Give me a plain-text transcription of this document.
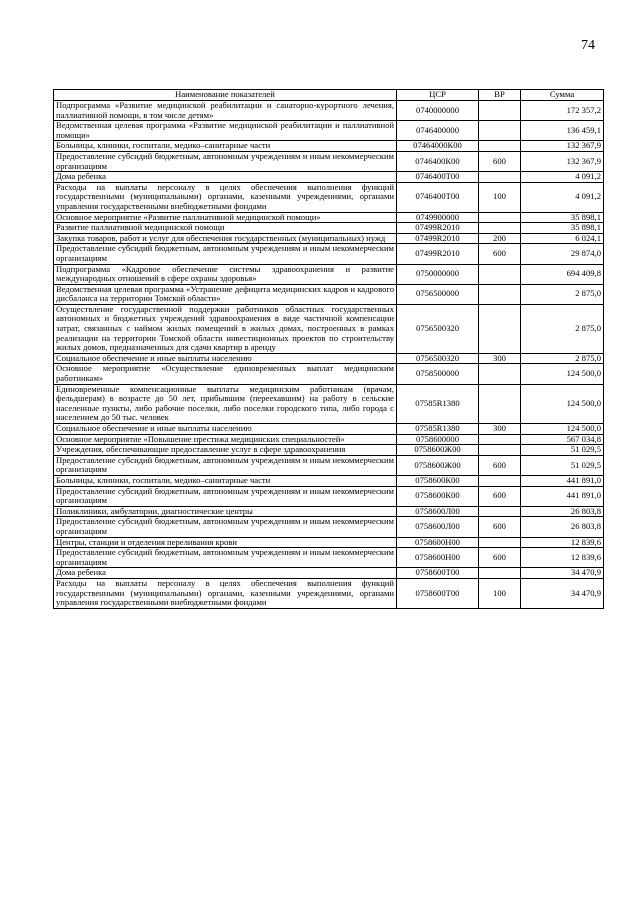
74
Наименование показателей	ЦСР	ВР	Сумма
Подпрограмма «Развитие медицинской реабилитации и санаторно-курортного лечения, паллиативной помощи, в том числе детям»	0740000000		172 357,2
Ведомственная целевая программа «Развитие медицинской реабилитации и паллиативной помощи»	0746400000		136 459,1
Больницы, клиники, госпитали, медико–санитарные части	07464000К00		132 367,9
Предоставление субсидий бюджетным, автономным учреждениям и иным некоммерческим организациям	0746400К00	600	132 367,9
Дома ребенка	0746400Т00		4 091,2
Расходы на выплаты персоналу в целях обеспечения выполнения функций государственными (муниципальными) органами, казенными учреждениями, органами управления государственными внебюджетными фондами	0746400Т00	100	4 091,2
Основное мероприятие «Развитие паллиативной медицинской помощи»	0749900000		35 898,1
Развитие паллиативной медицинской помощи	07499R2010		35 898,1
Закупка товаров, работ и услуг для обеспечения государственных (муниципальных) нужд	07499R2010	200	6 024,1
Предоставление субсидий бюджетным, автономным учреждениям и иным некоммерческим организациям	07499R2010	600	29 874,0
Подпрограмма «Кадровое обеспечение системы здравоохранения и развитие международных отношений в сфере охраны здоровья»	0750000000		694 409,8
Ведомственная целевая программа «Устранение дефицита медицинских кадров и кадрового дисбаланса на территории Томской области»	0756500000		2 875,0
Осуществление государственной поддержки работников областных государственных автономных и бюджетных учреждений здравоохранения в виде частичной компенсации затрат, связанных с наймом жилых помещений в жилых домах, построенных в рамках реализации на территории Томской области инвестиционных проектов по строительству жилых домов, предназначенных для сдачи квартир в аренду	0756500320		2 875,0
Социальное обеспечение и иные выплаты населению	0756500320	300	2 875,0
Основное мероприятие «Осуществление единовременных выплат медицинским работникам»	0758500000		124 500,0
Единовременные компенсационные выплаты медицинским работникам (врачам, фельдшерам) в возрасте до 50 лет, прибывшим (переехавшим) на работу в сельские населенные пункты, либо рабочие поселки, либо поселки городского типа, либо города с населением до 50 тыс. человек	07585R1380		124 500,0
Социальное обеспечение и иные выплаты населению	07585R1380	300	124 500,0
Основное мероприятие «Повышение престижа медицинских специальностей»	0758600000		567 034,8
Учреждения, обеспечивающие предоставление услуг в сфере здравоохранения	0758600Ж00		51 029,5
Предоставление субсидий бюджетным, автономным учреждениям и иным некоммерческим организациям	0758600Ж00	600	51 029,5
Больницы, клиники, госпитали, медико–санитарные части	0758600К00		441 891,0
Предоставление субсидий бюджетным, автономным учреждениям и иным некоммерческим организациям	0758600К00	600	441 891,0
Поликлиники, амбулатории, диагностические центры	0758600Л00		26 803,8
Предоставление субсидий бюджетным, автономным учреждениям и иным некоммерческим организациям	0758600Л00	600	26 803,8
Центры, станции и отделения переливания крови	0758600Н00		12 839,6
Предоставление субсидий бюджетным, автономным учреждениям и иным некоммерческим организациям	0758600Н00	600	12 839,6
Дома ребенка	0758600Т00		34 470,9
Расходы на выплаты персоналу в целях обеспечения выполнения функций государственными (муниципальными) органами, казенными учреждениями, органами управления государственными внебюджетными фондами	0758600Т00	100	34 470,9
